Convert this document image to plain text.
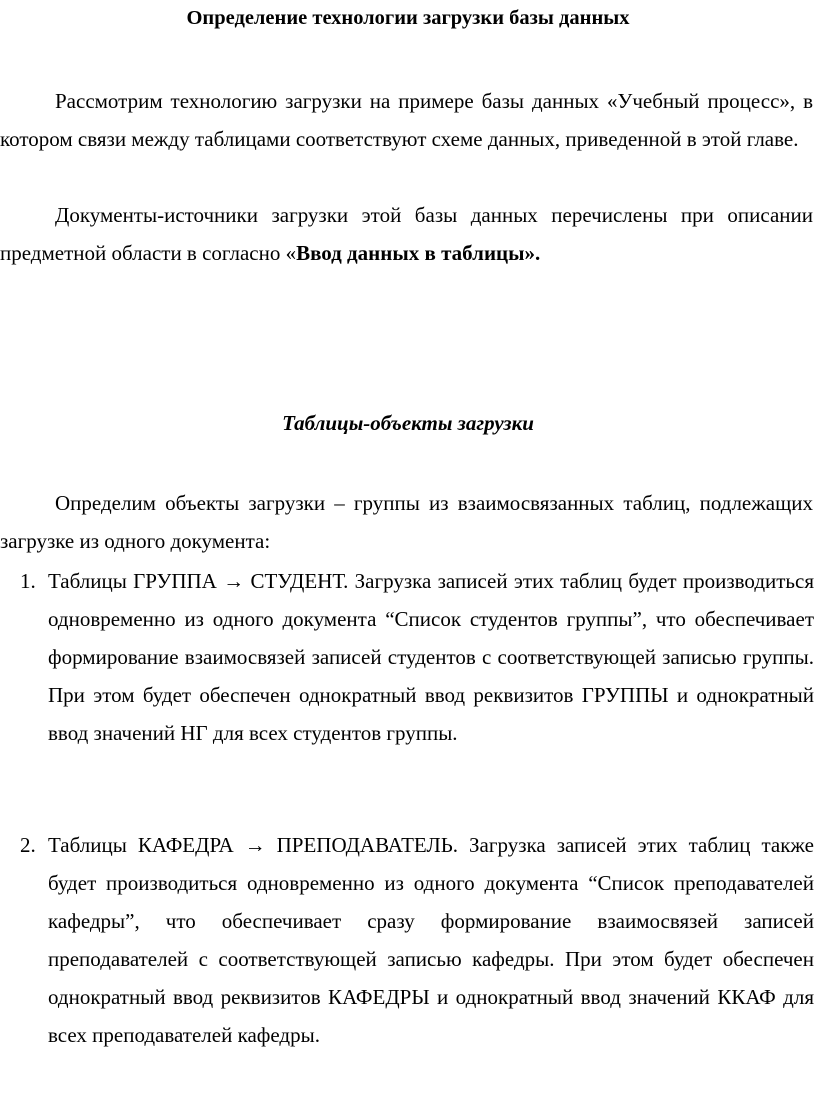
Определение технологии загрузки базы данных
Рассмотрим технологию загрузки на примере базы данных «Учебный процесс», в котором связи между таблицами соответствуют схеме данных, приведенной в этой главе.
Документы-источники загрузки этой базы данных перечислены при описании предметной области в согласно «Ввод данных в таблицы».
Таблицы-объекты загрузки
Определим объекты загрузки – группы из взаимосвязанных таблиц, подлежащих загрузке из одного документа:
1. Таблицы ГРУППА → СТУДЕНТ. Загрузка записей этих таблиц будет производиться одновременно из одного документа “Список студентов группы”, что обеспечивает формирование взаимосвязей записей студентов с соответствующей записью группы. При этом будет обеспечен однократный ввод реквизитов ГРУППЫ и однократный ввод значений НГ для всех студентов группы.
2. Таблицы КАФЕДРА → ПРЕПОДАВАТЕЛЬ. Загрузка записей этих таблиц также будет производиться одновременно из одного документа “Список преподавателей кафедры”, что обеспечивает сразу формирование взаимосвязей записей преподавателей с соответствующей записью кафедры. При этом будет обеспечен однократный ввод реквизитов КАФЕДРЫ и однократный ввод значений ККАФ для всех преподавателей кафедры.
